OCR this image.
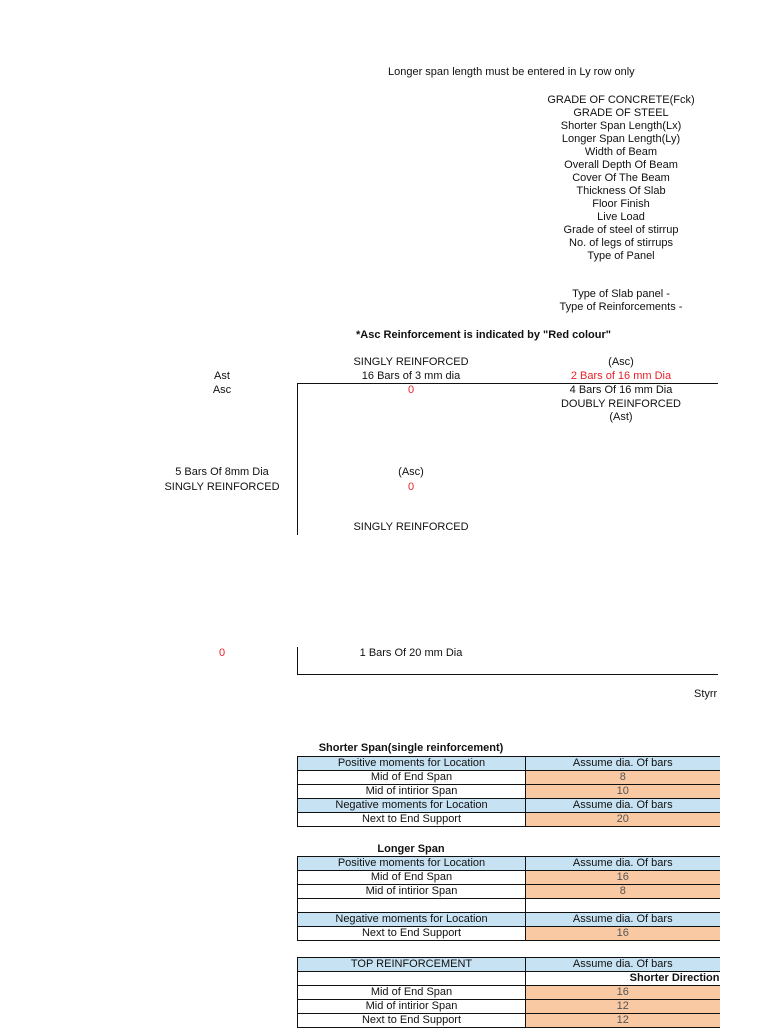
Longer span length must be entered in Ly row only
GRADE OF CONCRETE(Fck)
GRADE OF STEEL
Shorter Span Length(Lx)
Longer Span Length(Ly)
Width of Beam
Overall Depth Of Beam
Cover Of The Beam
Thickness Of Slab
Floor Finish
Live Load
Grade of steel of stirrup
No. of legs of stirrups
Type of Panel
Type of Slab panel -
Type of Reinforcements -
*Asc Reinforcement is indicated by "Red colour"
SINGLY REINFORCED	(Asc)
Ast	16 Bars of 3 mm dia	2 Bars of 16 mm Dia
Asc	0	4 Bars Of 16 mm Dia
DOUBLY REINFORCED
(Ast)
5 Bars Of 8mm Dia	(Asc)
SINGLY REINFORCED	0
SINGLY REINFORCED
0	1 Bars Of 20 mm Dia
Styrr
Shorter Span(single reinforcement)
Positive moments for Location	Assume dia. Of bars
Mid of End Span	8
Mid of intirior Span	10
Negative moments for Location	Assume dia. Of bars
Next to End Support	20
Longer Span
Positive moments for Location	Assume dia. Of bars
Mid of End Span	16
Mid of intirior Span	8

Negative moments for Location	Assume dia. Of bars
Next to End Support	16
TOP REINFORCEMENT	Assume dia. Of bars
	Shorter Direction
Mid of End Span	16
Mid of intirior Span	12
Next to End Support	12
